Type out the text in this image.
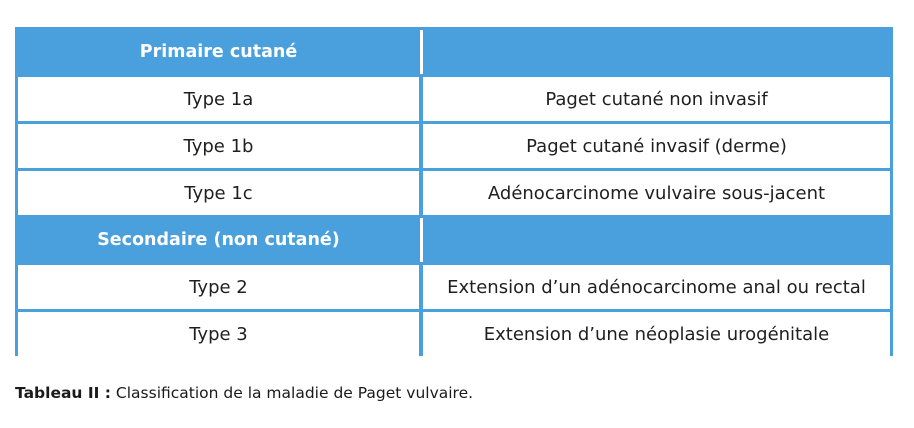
Primaire cutané
Type 1a	Paget cutané non invasif
Type 1b	Paget cutané invasif (derme)
Type 1c	Adénocarcinome vulvaire sous-jacent
Secondaire (non cutané)
Type 2	Extension d’un adénocarcinome anal ou rectal
Type 3	Extension d’une néoplasie urogénitale
Tableau II : Classification de la maladie de Paget vulvaire.
